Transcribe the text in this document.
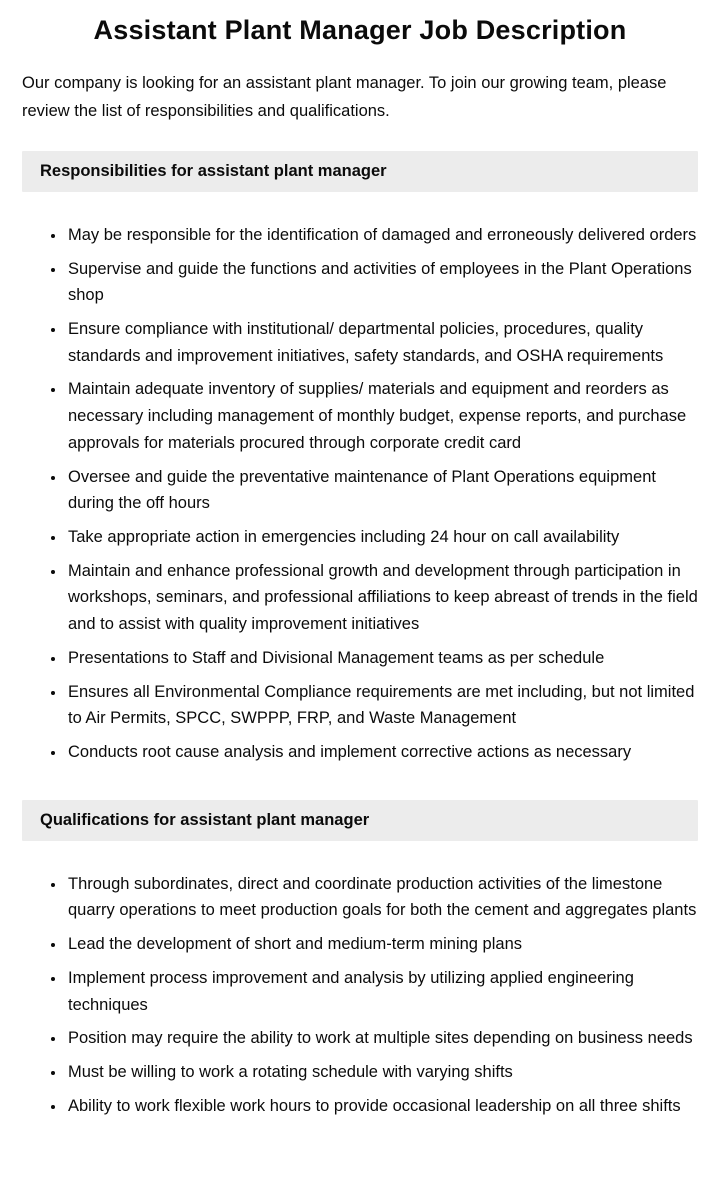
Assistant Plant Manager Job Description

Our company is looking for an assistant plant manager. To join our growing team, please review the list of responsibilities and qualifications.

Responsibilities for assistant plant manager
• May be responsible for the identification of damaged and erroneously delivered orders
• Supervise and guide the functions and activities of employees in the Plant Operations shop
• Ensure compliance with institutional/ departmental policies, procedures, quality standards and improvement initiatives, safety standards, and OSHA requirements
• Maintain adequate inventory of supplies/ materials and equipment and reorders as necessary including management of monthly budget, expense reports, and purchase approvals for materials procured through corporate credit card
• Oversee and guide the preventative maintenance of Plant Operations equipment during the off hours
• Take appropriate action in emergencies including 24 hour on call availability
• Maintain and enhance professional growth and development through participation in workshops, seminars, and professional affiliations to keep abreast of trends in the field and to assist with quality improvement initiatives
• Presentations to Staff and Divisional Management teams as per schedule
• Ensures all Environmental Compliance requirements are met including, but not limited to Air Permits, SPCC, SWPPP, FRP, and Waste Management
• Conducts root cause analysis and implement corrective actions as necessary
Qualifications for assistant plant manager
• Through subordinates, direct and coordinate production activities of the limestone quarry operations to meet production goals for both the cement and aggregates plants
• Lead the development of short and medium-term mining plans
• Implement process improvement and analysis by utilizing applied engineering techniques
• Position may require the ability to work at multiple sites depending on business needs
• Must be willing to work a rotating schedule with varying shifts
• Ability to work flexible work hours to provide occasional leadership on all three shifts
